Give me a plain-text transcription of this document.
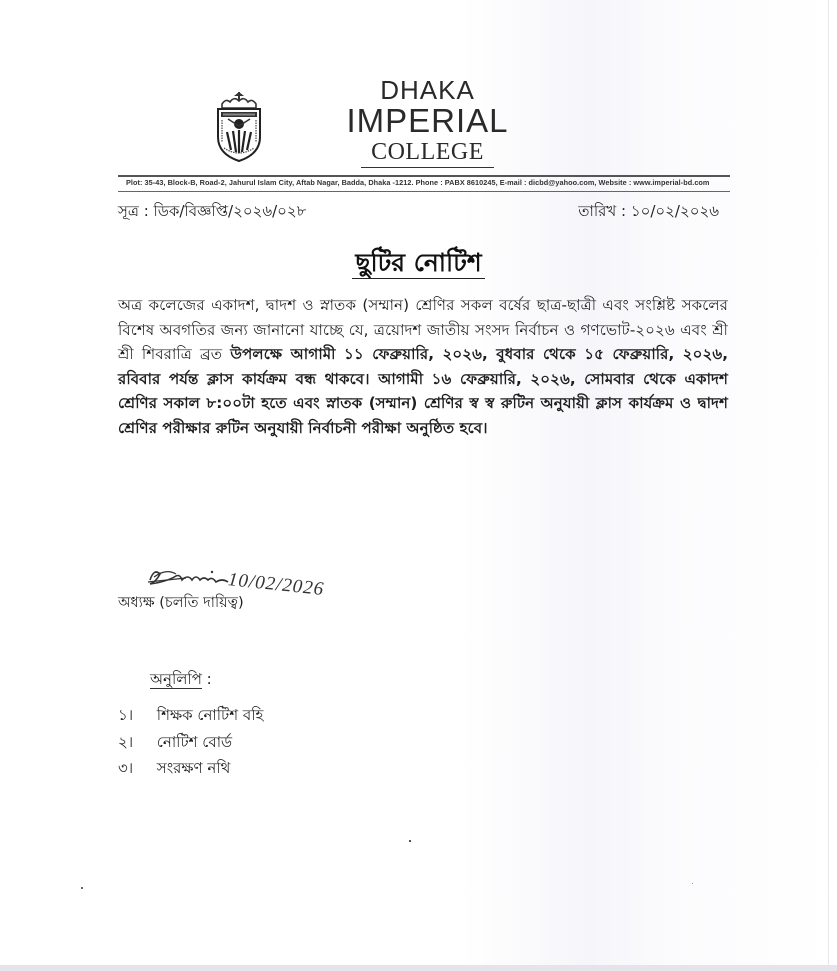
DHAKA
IMPERIAL
COLLEGE
Plot: 35-43, Block-B, Road-2, Jahurul Islam City, Aftab Nagar, Badda, Dhaka -1212. Phone : PABX 8610245, E-mail : dicbd@yahoo.com, Website : www.imperial-bd.com
সূত্র : ডিক/বিজ্ঞপ্তি/২০২৬/০২৮	তারিখ : ১০/০২/২০২৬
ছুটির নোটিশ
অত্র কলেজের একাদশ, দ্বাদশ ও স্নাতক (সম্মান) শ্রেণির সকল বর্ষের ছাত্র-ছাত্রী এবং সংশ্লিষ্ট সকলের বিশেষ অবগতির জন্য জানানো যাচ্ছে যে, ত্রয়োদশ জাতীয় সংসদ নির্বাচন ও গণভোট-২০২৬ এবং শ্রী শ্রী শিবরাত্রি ব্রত উপলক্ষে আগামী ১১ ফেব্রুয়ারি, ২০২৬, বুধবার থেকে ১৫ ফেব্রুয়ারি, ২০২৬, রবিবার পর্যন্ত ক্লাস কার্যক্রম বন্ধ থাকবে। আগামী ১৬ ফেব্রুয়ারি, ২০২৬, সোমবার থেকে একাদশ শ্রেণির সকাল ৮:০০টা হতে এবং স্নাতক (সম্মান) শ্রেণির স্ব স্ব রুটিন অনুযায়ী ক্লাস কার্যক্রম ও দ্বাদশ শ্রেণির পরীক্ষার রুটিন অনুযায়ী নির্বাচনী পরীক্ষা অনুষ্ঠিত হবে।
10/02/2026
অধ্যক্ষ (চলতি দায়িত্ব)
অনুলিপি :
১। শিক্ষক নোটিশ বহি
২। নোটিশ বোর্ড
৩। সংরক্ষণ নথি
